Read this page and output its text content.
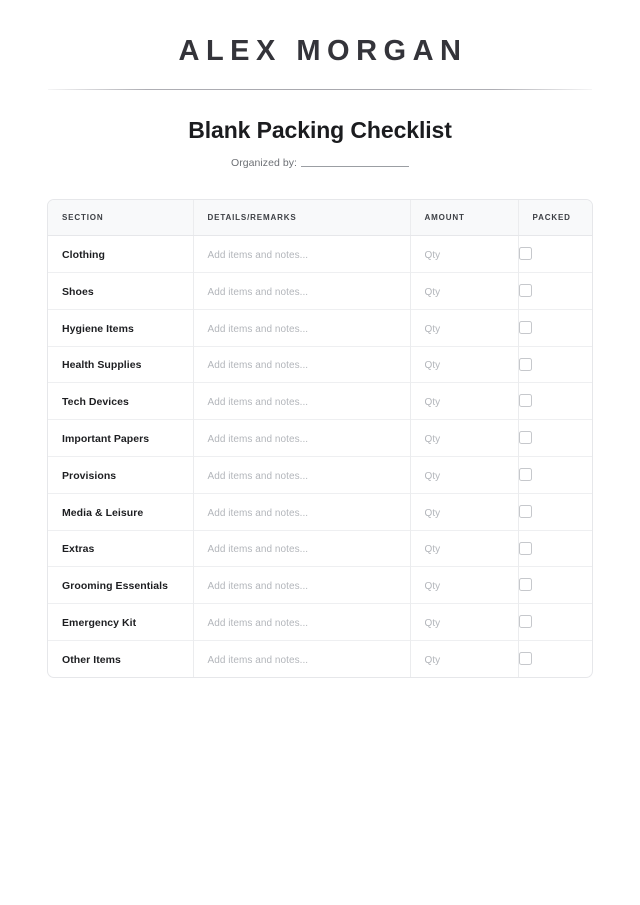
ALEX MORGAN
Blank Packing Checklist
Organized by:
SECTION	DETAILS/REMARKS	AMOUNT	PACKED
Clothing	Add items and notes...	Qty	
Shoes	Add items and notes...	Qty	
Hygiene Items	Add items and notes...	Qty	
Health Supplies	Add items and notes...	Qty	
Tech Devices	Add items and notes...	Qty	
Important Papers	Add items and notes...	Qty	
Provisions	Add items and notes...	Qty	
Media & Leisure	Add items and notes...	Qty	
Extras	Add items and notes...	Qty	
Grooming Essentials	Add items and notes...	Qty	
Emergency Kit	Add items and notes...	Qty	
Other Items	Add items and notes...	Qty	
